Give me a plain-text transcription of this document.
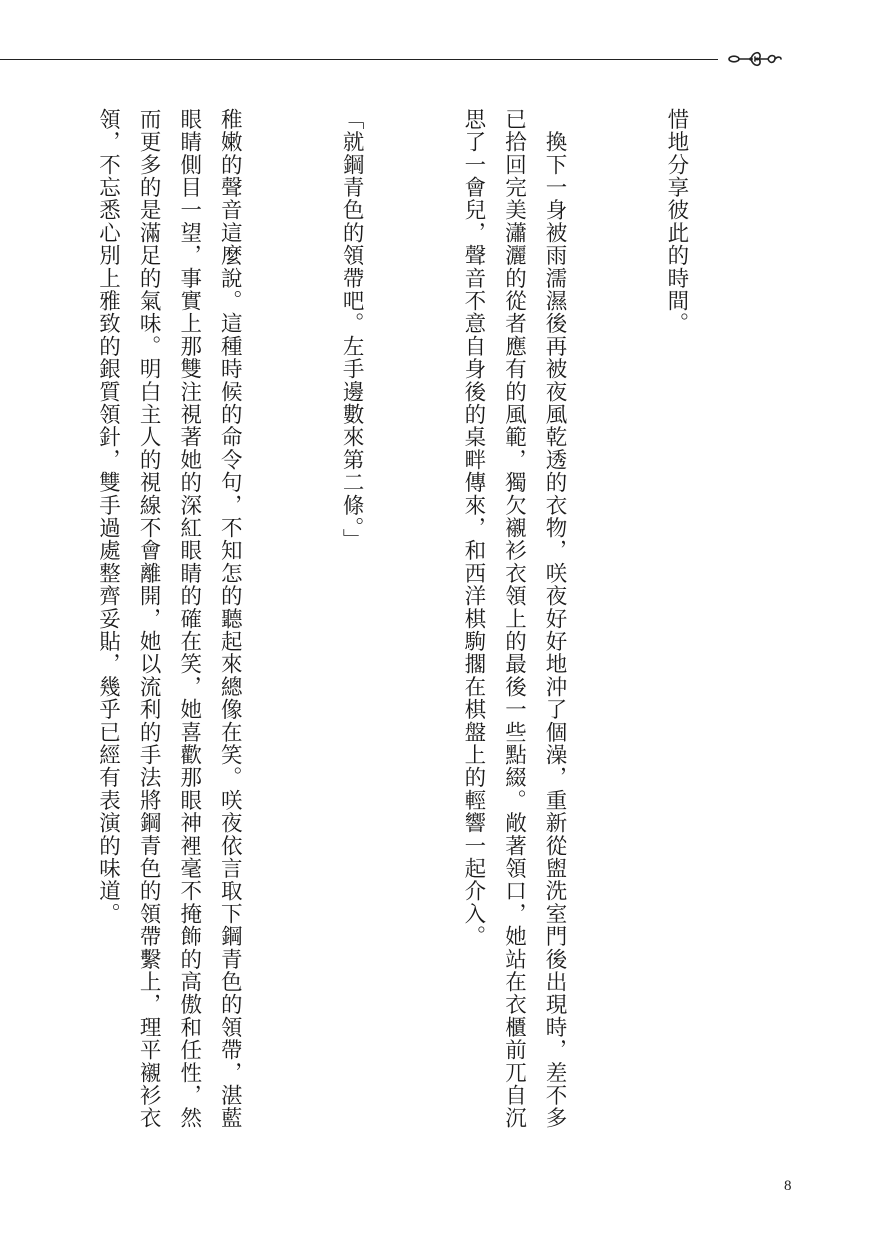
惜地分享彼此的時間。

　換下一身被雨濡濕後再被夜風乾透的衣物，咲夜好好地沖了個澡，重新從盥洗室門後出現時，差不多已拾回完美瀟灑的從者應有的風範，獨欠襯衫衣領上的最後一些點綴。敞著領口，她站在衣櫃前兀自沉思了一會兒，聲音不意自身後的桌畔傳來，和西洋棋駒擱在棋盤上的輕響一起介入。

「就鋼青色的領帶吧。左手邊數來第二條。」

稚嫩的聲音這麼說。這種時候的命令句，不知怎的聽起來總像在笑。咲夜依言取下鋼青色的領帶，湛藍眼睛側目一望，事實上那雙注視著她的深紅眼睛的確在笑，她喜歡那眼神裡毫不掩飾的高傲和任性，然而更多的是滿足的氣味。明白主人的視線不會離開，她以流利的手法將鋼青色的領帶繫上，理平襯衫衣領，不忘悉心別上雅致的銀質領針，雙手過處整齊妥貼，幾乎已經有表演的味道。

8
